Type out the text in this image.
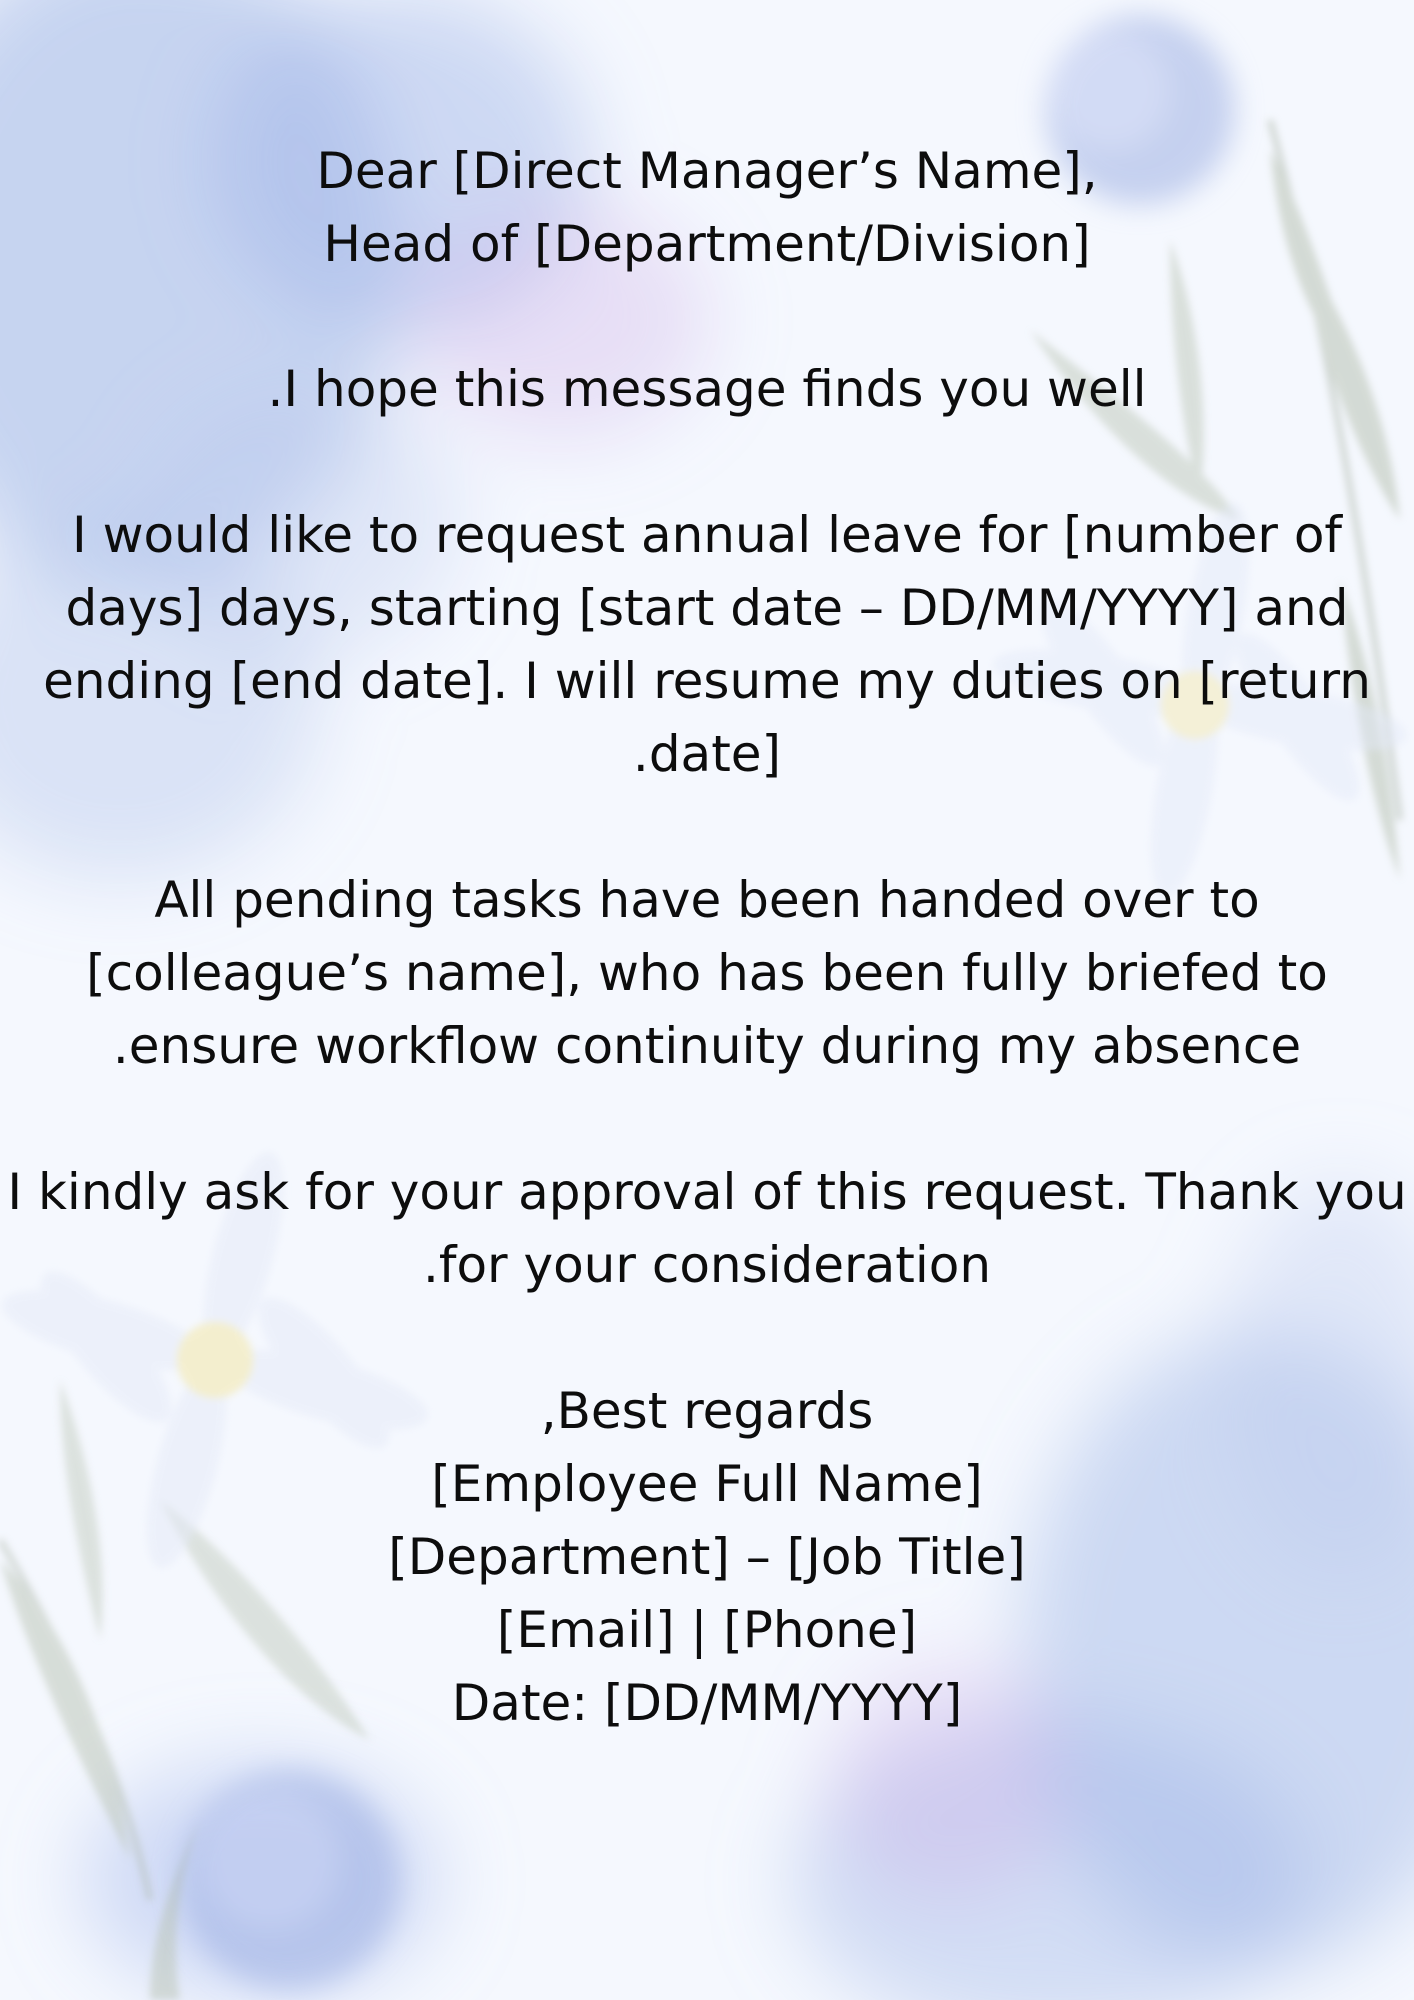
Dear [Direct Manager’s Name],
Head of [Department/Division]

.I hope this message finds you well

I would like to request annual leave for [number of
days] days, starting [start date – DD/MM/YYYY] and
ending [end date]. I will resume my duties on [return
.date]

All pending tasks have been handed over to
[colleague’s name], who has been fully briefed to
.ensure workflow continuity during my absence

I kindly ask for your approval of this request. Thank you
.for your consideration

,Best regards
[Employee Full Name]
[Department] – [Job Title]
[Email] | [Phone]
Date: [DD/MM/YYYY]
